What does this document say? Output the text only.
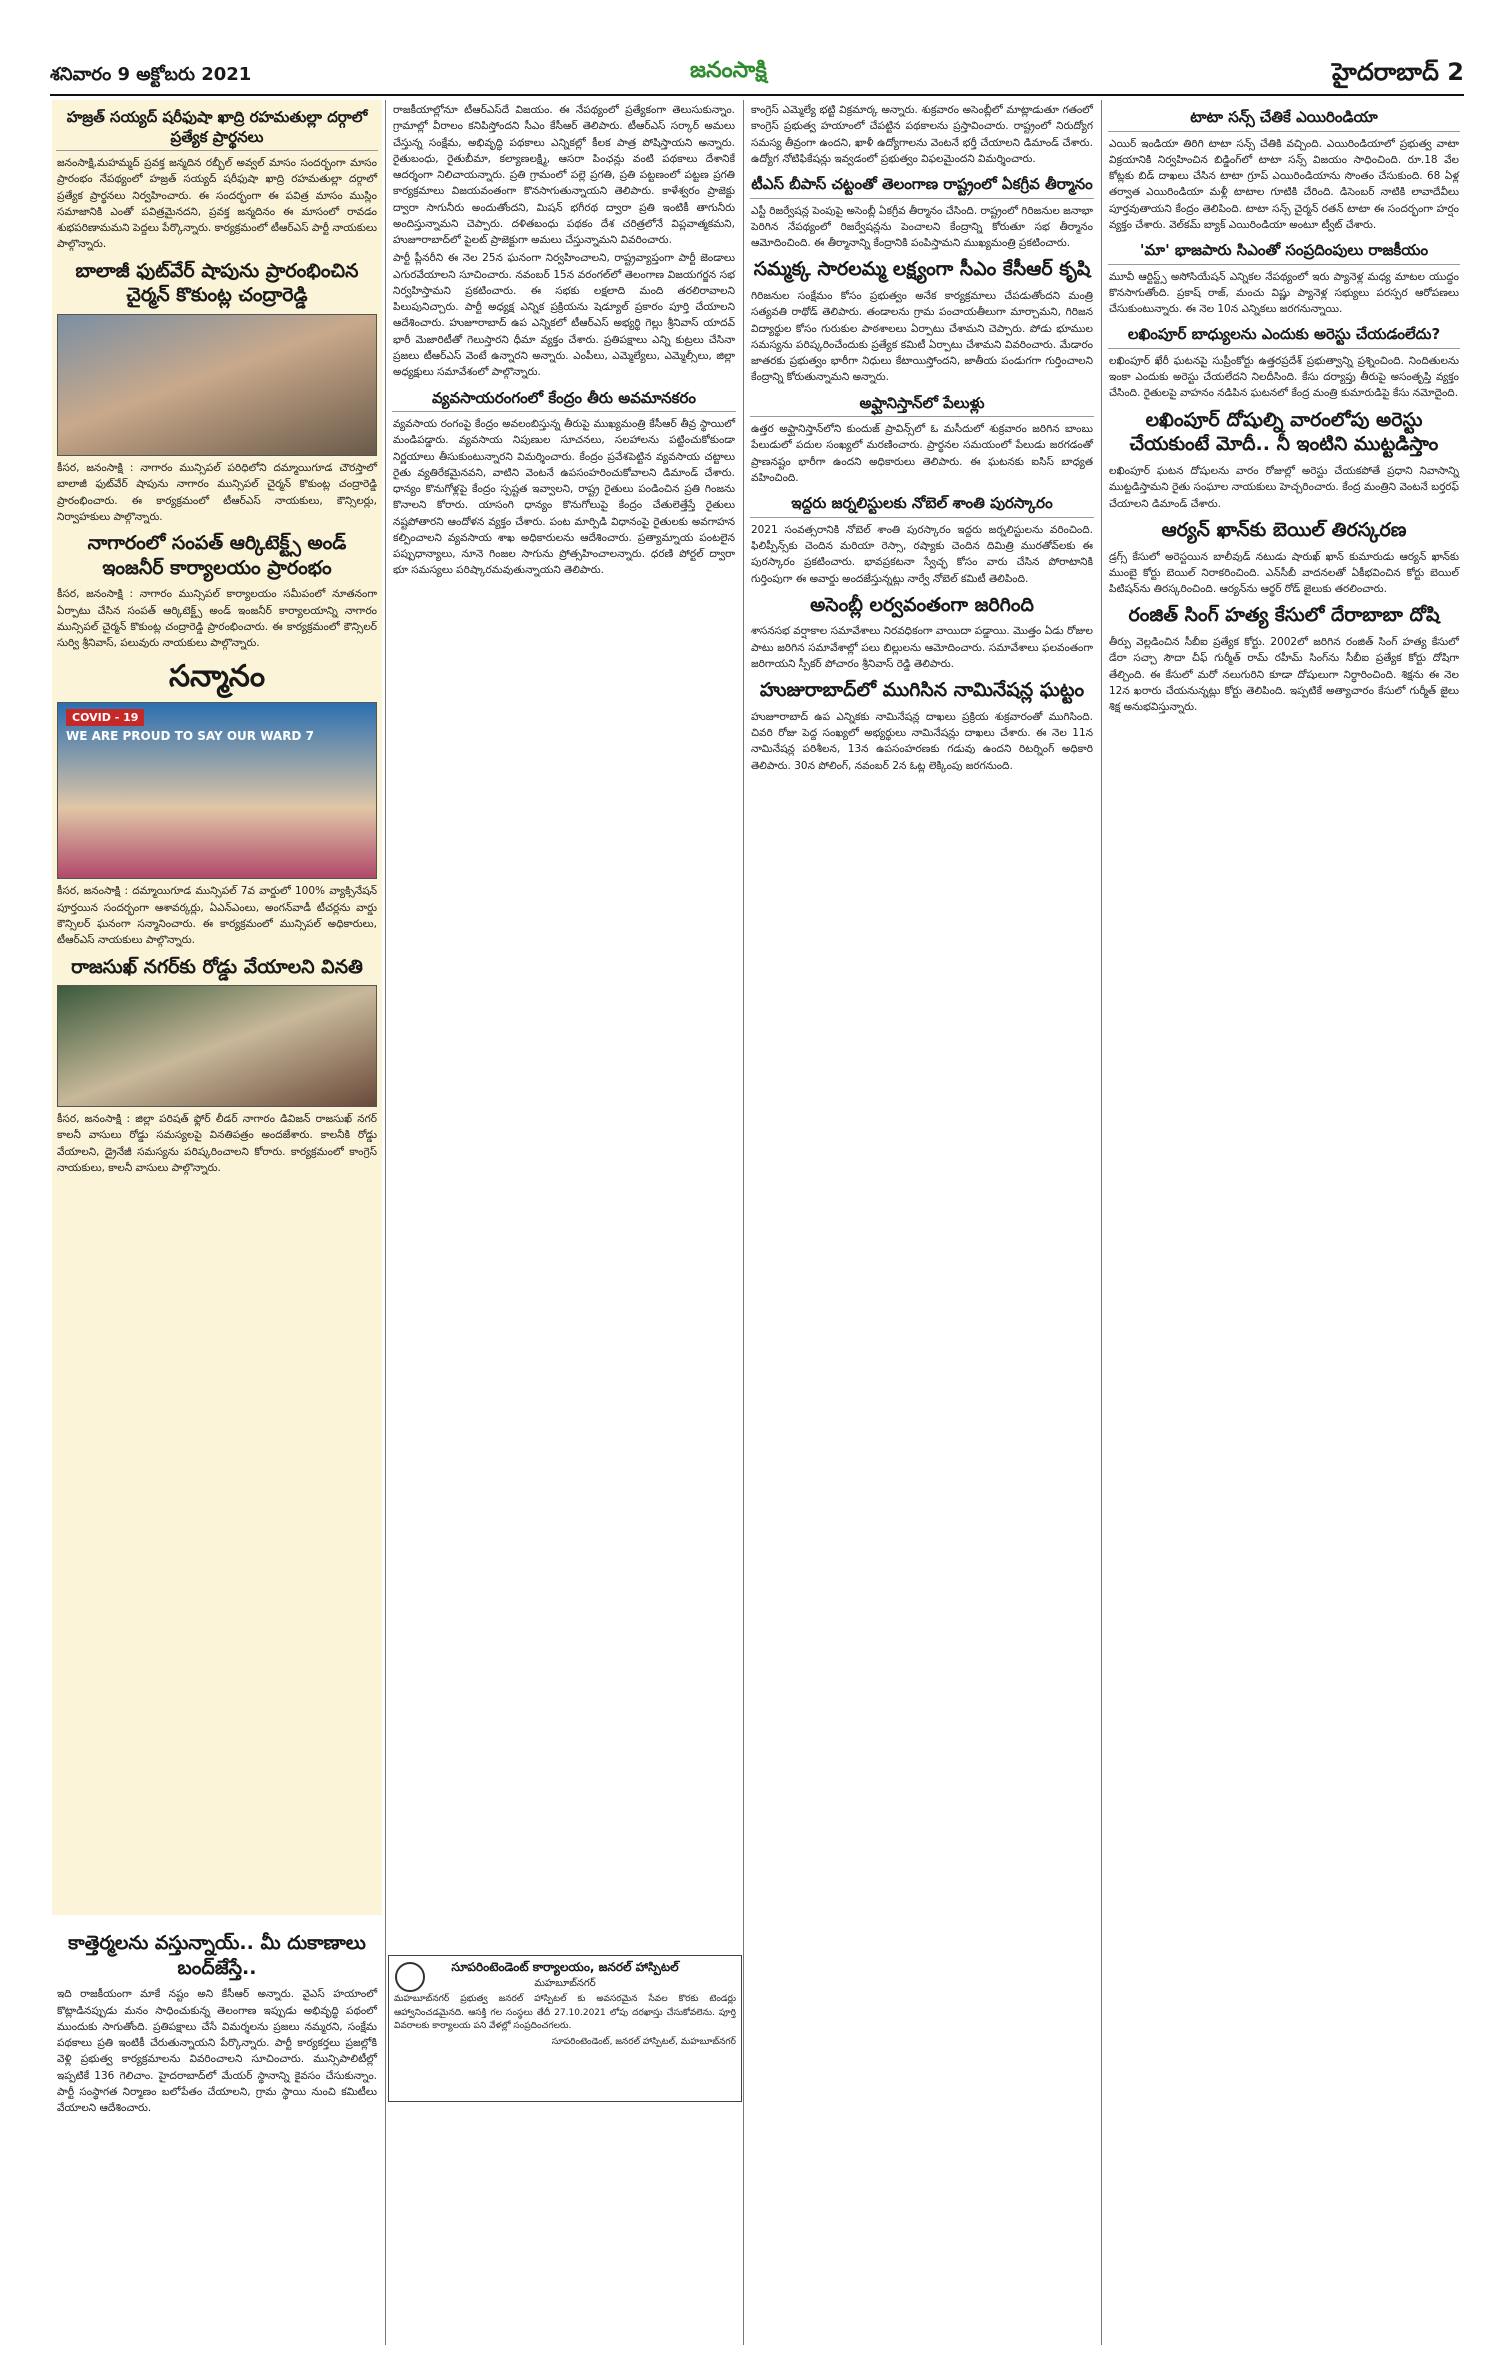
శనివారం 9 అక్టోబరు 2021	జనంసాక్షి	హైదరాబాద్ 2
హజ్రత్ సయ్యద్ షరీఫుషా ఖాద్రి రహమతుల్లా దర్గాలో ప్రత్యేక ప్రార్థనలు

జనంసాక్షి,మహమ్మద్ ప్రవక్త జన్మదిన రబ్బీల్ అవ్వల్ మాసం సందర్భంగా మాసం ప్రారంభం నేపథ్యంలో హజ్రత్ సయ్యద్ షరీఫుషా ఖాద్రి రహమతుల్లా దర్గాలో ప్రత్యేక ప్రార్థనలు నిర్వహించారు. ఈ సందర్భంగా ఈ పవిత్ర మాసం ముస్లిం సమాజానికి ఎంతో పవిత్రమైనదని, ప్రవక్త జన్మదినం ఈ మాసంలో రావడం శుభపరిణామమని పెద్దలు పేర్కొన్నారు. కార్యక్రమంలో టీఆర్ఎస్ పార్టీ నాయకులు పాల్గొన్నారు.

బాలాజీ ఫుట్‌వేర్ షాపును ప్రారంభించిన చైర్మన్ కొకుంట్ల చంద్రారెడ్డి

కీసర, జనంసాక్షి : నాగారం మున్సిపల్ పరిధిలోని దమ్మాయిగూడ చౌరస్తాలో బాలాజీ ఫుట్‌వేర్ షాపును నాగారం మున్సిపల్ చైర్మన్ కొకుంట్ల చంద్రారెడ్డి ప్రారంభించారు. ఈ కార్యక్రమంలో టీఆర్ఎస్ నాయకులు, కౌన్సిలర్లు, నిర్వాహకులు పాల్గొన్నారు.

నాగారంలో సంపత్ ఆర్కిటెక్ట్స్ అండ్ ఇంజనీర్ కార్యాలయం ప్రారంభం

కీసర, జనంసాక్షి : నాగారం మున్సిపల్ కార్యాలయం సమీపంలో నూతనంగా ఏర్పాటు చేసిన సంపత్ ఆర్కిటెక్ట్స్ అండ్ ఇంజనీర్ కార్యాలయాన్ని నాగారం మున్సిపల్ చైర్మన్ కొకుంట్ల చంద్రారెడ్డి ప్రారంభించారు. ఈ కార్యక్రమంలో కౌన్సిలర్ సుర్వి శ్రీనివాస్, పలువురు నాయకులు పాల్గొన్నారు.

సన్మానం
COVID - 19
WE ARE PROUD TO SAY OUR WARD 7

కీసర, జనంసాక్షి : దమ్మాయిగూడ మున్సిపల్ 7వ వార్డులో 100% వ్యాక్సినేషన్ పూర్తయిన సందర్భంగా ఆశావర్కర్లు, ఏఎన్ఎంలు, అంగన్‌వాడీ టీచర్లను వార్డు కౌన్సిలర్ ఘనంగా సన్మానించారు. ఈ కార్యక్రమంలో మున్సిపల్ అధికారులు, టీఆర్ఎస్ నాయకులు పాల్గొన్నారు.

రాజసుఖ్ నగర్‌కు రోడ్డు వేయాలని వినతి

కీసర, జనంసాక్షి : జిల్లా పరిషత్ ఫ్లోర్ లీడర్ నాగారం డివిజన్ రాజసుఖ్ నగర్ కాలనీ వాసులు రోడ్డు సమస్యలపై వినతిపత్రం అందజేశారు. కాలనీకి రోడ్డు వేయాలని, డ్రైనేజీ సమస్యను పరిష్కరించాలని కోరారు. కార్యక్రమంలో కాంగ్రెస్ నాయకులు, కాలనీ వాసులు పాల్గొన్నారు.

కాత్తెర్మలను వస్తున్నాయ్.. మీ దుకాణాలు బంద్‌జేస్తే..

ఇది రాజకీయంగా మాకే నష్టం అని కేసీఆర్ అన్నారు. వైఎస్ హయాంలో కొట్లాడినప్పుడు మనం సాధించుకున్న తెలంగాణ ఇప్పుడు అభివృద్ధి పథంలో ముందుకు సాగుతోంది. ప్రతిపక్షాలు చేసే విమర్శలను ప్రజలు నమ్మరని, సంక్షేమ పథకాలు ప్రతి ఇంటికీ చేరుతున్నాయని పేర్కొన్నారు. పార్టీ కార్యకర్తలు ప్రజల్లోకి వెళ్లి ప్రభుత్వ కార్యక్రమాలను వివరించాలని సూచించారు. మున్సిపాలిటీల్లో ఇప్పటికే 136 గెలిచాం. హైదరాబాద్‌లో మేయర్ స్థానాన్ని కైవసం చేసుకున్నాం. పార్టీ సంస్థాగత నిర్మాణం బలోపేతం చేయాలని, గ్రామ స్థాయి నుంచి కమిటీలు వేయాలని ఆదేశించారు.

రాజకీయాల్లోనూ టీఆర్ఎస్‌దే విజయం. ఈ నేపథ్యంలో ప్రత్యేకంగా తెలుసుకున్నాం. గ్రామాల్లో వీరాలం కనిపిస్తోందని సీఎం కేసీఆర్ తెలిపారు. టీఆర్ఎస్ సర్కార్ అమలు చేస్తున్న సంక్షేమ, అభివృద్ధి పథకాలు ఎన్నికల్లో కీలక పాత్ర పోషిస్తాయని అన్నారు. రైతుబంధు, రైతుబీమా, కల్యాణలక్ష్మి, ఆసరా పింఛన్లు వంటి పథకాలు దేశానికే ఆదర్శంగా నిలిచాయన్నారు. ప్రతి గ్రామంలో పల్లె ప్రగతి, ప్రతి పట్టణంలో పట్టణ ప్రగతి కార్యక్రమాలు విజయవంతంగా కొనసాగుతున్నాయని తెలిపారు. కాళేశ్వరం ప్రాజెక్టు ద్వారా సాగునీరు అందుతోందని, మిషన్ భగీరథ ద్వారా ప్రతి ఇంటికీ తాగునీరు అందిస్తున్నామని చెప్పారు. దళితబంధు పథకం దేశ చరిత్రలోనే విప్లవాత్మకమని, హుజూరాబాద్‌లో పైలట్ ప్రాజెక్టుగా అమలు చేస్తున్నామని వివరించారు.

పార్టీ ప్లీనరీని ఈ నెల 25న ఘనంగా నిర్వహించాలని, రాష్ట్రవ్యాప్తంగా పార్టీ జెండాలు ఎగురవేయాలని సూచించారు. నవంబర్ 15న వరంగల్‌లో తెలంగాణ విజయగర్జన సభ నిర్వహిస్తామని ప్రకటించారు. ఈ సభకు లక్షలాది మంది తరలిరావాలని పిలుపునిచ్చారు. పార్టీ అధ్యక్ష ఎన్నిక ప్రక్రియను షెడ్యూల్ ప్రకారం పూర్తి చేయాలని ఆదేశించారు. హుజూరాబాద్ ఉప ఎన్నికలో టీఆర్ఎస్ అభ్యర్థి గెల్లు శ్రీనివాస్ యాదవ్ భారీ మెజారిటీతో గెలుస్తారని ధీమా వ్యక్తం చేశారు. ప్రతిపక్షాలు ఎన్ని కుట్రలు చేసినా ప్రజలు టీఆర్ఎస్ వెంటే ఉన్నారని అన్నారు. ఎంపీలు, ఎమ్మెల్యేలు, ఎమ్మెల్సీలు, జిల్లా అధ్యక్షులు సమావేశంలో పాల్గొన్నారు.

వ్యవసాయరంగంలో కేంద్రం తీరు అవమానకరం

వ్యవసాయ రంగంపై కేంద్రం అవలంబిస్తున్న తీరుపై ముఖ్యమంత్రి కేసీఆర్ తీవ్ర స్థాయిలో మండిపడ్డారు. వ్యవసాయ నిపుణుల సూచనలు, సలహాలను పట్టించుకోకుండా నిర్ణయాలు తీసుకుంటున్నారని విమర్శించారు. కేంద్రం ప్రవేశపెట్టిన వ్యవసాయ చట్టాలు రైతు వ్యతిరేకమైనవని, వాటిని వెంటనే ఉపసంహరించుకోవాలని డిమాండ్ చేశారు. ధాన్యం కొనుగోళ్లపై కేంద్రం స్పష్టత ఇవ్వాలని, రాష్ట్ర రైతులు పండించిన ప్రతి గింజను కొనాలని కోరారు. యాసంగి ధాన్యం కొనుగోలుపై కేంద్రం చేతులెత్తేస్తే రైతులు నష్టపోతారని ఆందోళన వ్యక్తం చేశారు. పంట మార్పిడి విధానంపై రైతులకు అవగాహన కల్పించాలని వ్యవసాయ శాఖ అధికారులను ఆదేశించారు. ప్రత్యామ్నాయ పంటలైన పప్పుధాన్యాలు, నూనె గింజల సాగును ప్రోత్సహించాలన్నారు. ధరణి పోర్టల్ ద్వారా భూ సమస్యలు పరిష్కారమవుతున్నాయని తెలిపారు.

సూపరింటెండెంట్ కార్యాలయం, జనరల్ హాస్పిటల్
మహబూబ్‌నగర్

మహబూబ్‌నగర్ ప్రభుత్వ జనరల్ హాస్పిటల్ కు అవసరమైన సేవల కొరకు టెండర్లు ఆహ్వానించడమైనది. ఆసక్తి గల సంస్థలు తేదీ 27.10.2021 లోపు దరఖాస్తు చేసుకోవలెను. పూర్తి వివరాలకు కార్యాలయ పని వేళల్లో సంప్రదించగలరు.

సూపరింటెండెంట్, జనరల్ హాస్పిటల్, మహబూబ్‌నగర్

కాంగ్రెస్ ఎమ్మెల్యే భట్టి విక్రమార్క అన్నారు. శుక్రవారం అసెంబ్లీలో మాట్లాడుతూ గతంలో కాంగ్రెస్ ప్రభుత్వ హయాంలో చేపట్టిన పథకాలను ప్రస్తావించారు. రాష్ట్రంలో నిరుద్యోగ సమస్య తీవ్రంగా ఉందని, ఖాళీ ఉద్యోగాలను వెంటనే భర్తీ చేయాలని డిమాండ్ చేశారు. ఉద్యోగ నోటిఫికేషన్లు ఇవ్వడంలో ప్రభుత్వం విఫలమైందని విమర్శించారు.

టీఎస్ బీపాస్ చట్టంతో తెలంగాణ రాష్ట్రంలో ఏకగ్రీవ తీర్మానం

ఎస్టీ రిజర్వేషన్ల పెంపుపై అసెంబ్లీ ఏకగ్రీవ తీర్మానం చేసింది. రాష్ట్రంలో గిరిజనుల జనాభా పెరిగిన నేపథ్యంలో రిజర్వేషన్లను పెంచాలని కేంద్రాన్ని కోరుతూ సభ తీర్మానం ఆమోదించింది. ఈ తీర్మానాన్ని కేంద్రానికి పంపిస్తామని ముఖ్యమంత్రి ప్రకటించారు.

సమ్మక్క సారలమ్మ లక్ష్యంగా సీఎం కేసీఆర్ కృషి

గిరిజనుల సంక్షేమం కోసం ప్రభుత్వం అనేక కార్యక్రమాలు చేపడుతోందని మంత్రి సత్యవతి రాథోడ్ తెలిపారు. తండాలను గ్రామ పంచాయతీలుగా మార్చామని, గిరిజన విద్యార్థుల కోసం గురుకుల పాఠశాలలు ఏర్పాటు చేశామని చెప్పారు. పోడు భూముల సమస్యను పరిష్కరించేందుకు ప్రత్యేక కమిటీ ఏర్పాటు చేశామని వివరించారు. మేడారం జాతరకు ప్రభుత్వం భారీగా నిధులు కేటాయిస్తోందని, జాతీయ పండుగగా గుర్తించాలని కేంద్రాన్ని కోరుతున్నామని అన్నారు.

అఫ్ఘానిస్తాన్‌లో పేలుళ్లు

ఉత్తర అఫ్ఘానిస్తాన్‌లోని కుందుజ్ ప్రావిన్స్‌లో ఓ మసీదులో శుక్రవారం జరిగిన బాంబు పేలుడులో పదుల సంఖ్యలో మరణించారు. ప్రార్థనల సమయంలో పేలుడు జరగడంతో ప్రాణనష్టం భారీగా ఉందని అధికారులు తెలిపారు. ఈ ఘటనకు ఐసిస్ బాధ్యత వహించింది.

ఇద్దరు జర్నలిస్టులకు నోబెల్ శాంతి పురస్కారం

2021 సంవత్సరానికి నోబెల్ శాంతి పురస్కారం ఇద్దరు జర్నలిస్టులను వరించింది. ఫిలిప్పీన్స్‌కు చెందిన మరియా రెస్సా, రష్యాకు చెందిన దిమిత్రి మురతోవ్‌లకు ఈ పురస్కారం ప్రకటించారు. భావప్రకటనా స్వేచ్ఛ కోసం వారు చేసిన పోరాటానికి గుర్తింపుగా ఈ అవార్డు అందజేస్తున్నట్లు నార్వే నోబెల్ కమిటీ తెలిపింది.

అసెంబ్లీ లర్వవంతంగా జరిగింది

శాసనసభ వర్షాకాల సమావేశాలు నిరవధికంగా వాయిదా పడ్డాయి. మొత్తం ఏడు రోజుల పాటు జరిగిన సమావేశాల్లో పలు బిల్లులను ఆమోదించారు. సమావేశాలు ఫలవంతంగా జరిగాయని స్పీకర్ పోచారం శ్రీనివాస్ రెడ్డి తెలిపారు.

హుజురాబాద్‌లో ముగిసిన నామినేషన్ల ఘట్టం

హుజూరాబాద్ ఉప ఎన్నికకు నామినేషన్ల దాఖలు ప్రక్రియ శుక్రవారంతో ముగిసింది. చివరి రోజు పెద్ద సంఖ్యలో అభ్యర్థులు నామినేషన్లు దాఖలు చేశారు. ఈ నెల 11న నామినేషన్ల పరిశీలన, 13న ఉపసంహరణకు గడువు ఉందని రిటర్నింగ్ అధికారి తెలిపారు. 30న పోలింగ్, నవంబర్ 2న ఓట్ల లెక్కింపు జరగనుంది.

టాటా సన్స్ చేతికే ఎయిరిండియా

ఎయిర్ ఇండియా తిరిగి టాటా సన్స్ చేతికి వచ్చింది. ఎయిరిండియాలో ప్రభుత్వ వాటా విక్రయానికి నిర్వహించిన బిడ్డింగ్‌లో టాటా సన్స్ విజయం సాధించింది. రూ.18 వేల కోట్లకు బిడ్ దాఖలు చేసిన టాటా గ్రూప్ ఎయిరిండియాను సొంతం చేసుకుంది. 68 ఏళ్ల తర్వాత ఎయిరిండియా మళ్లీ టాటాల గూటికి చేరింది. డిసెంబర్ నాటికి లావాదేవీలు పూర్తవుతాయని కేంద్రం తెలిపింది. టాటా సన్స్ చైర్మన్ రతన్ టాటా ఈ సందర్భంగా హర్షం వ్యక్తం చేశారు. వెల్‌కమ్ బ్యాక్ ఎయిరిండియా అంటూ ట్వీట్ చేశారు.

'మా' భాజపారు సిఎంతో సంప్రదింపులు రాజకీయం

మూవీ ఆర్టిస్ట్స్ అసోసియేషన్ ఎన్నికల నేపథ్యంలో ఇరు ప్యానెళ్ల మధ్య మాటల యుద్ధం కొనసాగుతోంది. ప్రకాష్ రాజ్, మంచు విష్ణు ప్యానెళ్ల సభ్యులు పరస్పర ఆరోపణలు చేసుకుంటున్నారు. ఈ నెల 10న ఎన్నికలు జరగనున్నాయి.

లఖింపూర్ బాధ్యులను ఎందుకు అరెస్టు చేయడంలేదు?

లఖింపూర్ ఖేరీ ఘటనపై సుప్రీంకోర్టు ఉత్తరప్రదేశ్ ప్రభుత్వాన్ని ప్రశ్నించింది. నిందితులను ఇంకా ఎందుకు అరెస్టు చేయలేదని నిలదీసింది. కేసు దర్యాప్తు తీరుపై అసంతృప్తి వ్యక్తం చేసింది. రైతులపై వాహనం నడిపిన ఘటనలో కేంద్ర మంత్రి కుమారుడిపై కేసు నమోదైంది.

లఖింపూర్ దోషుల్ని వారంలోపు అరెస్టు చేయకుంటే మోదీ.. నీ ఇంటిని ముట్టడిస్తాం

లఖింపూర్ ఘటన దోషులను వారం రోజుల్లో అరెస్టు చేయకపోతే ప్రధాని నివాసాన్ని ముట్టడిస్తామని రైతు సంఘాల నాయకులు హెచ్చరించారు. కేంద్ర మంత్రిని వెంటనే బర్తరఫ్ చేయాలని డిమాండ్ చేశారు.

ఆర్యన్ ఖాన్‌కు బెయిల్ తిరస్కరణ

డ్రగ్స్ కేసులో అరెస్టయిన బాలీవుడ్ నటుడు షారుఖ్ ఖాన్ కుమారుడు ఆర్యన్ ఖాన్‌కు ముంబై కోర్టు బెయిల్ నిరాకరించింది. ఎన్‌సీబీ వాదనలతో ఏకీభవించిన కోర్టు బెయిల్ పిటిషన్‌ను తిరస్కరించింది. ఆర్యన్‌ను ఆర్థర్ రోడ్ జైలుకు తరలించారు.

రంజిత్ సింగ్ హత్య కేసులో దేరాబాబా దోషి

తీర్పు వెల్లడించిన సీబీఐ ప్రత్యేక కోర్టు. 2002లో జరిగిన రంజిత్ సింగ్ హత్య కేసులో డేరా సచ్చా సౌదా చీఫ్ గుర్మీత్ రామ్ రహీమ్ సింగ్‌ను సీబీఐ ప్రత్యేక కోర్టు దోషిగా తేల్చింది. ఈ కేసులో మరో నలుగురిని కూడా దోషులుగా నిర్ధారించింది. శిక్షను ఈ నెల 12న ఖరారు చేయనున్నట్లు కోర్టు తెలిపింది. ఇప్పటికే అత్యాచారం కేసులో గుర్మీత్ జైలు శిక్ష అనుభవిస్తున్నారు.
